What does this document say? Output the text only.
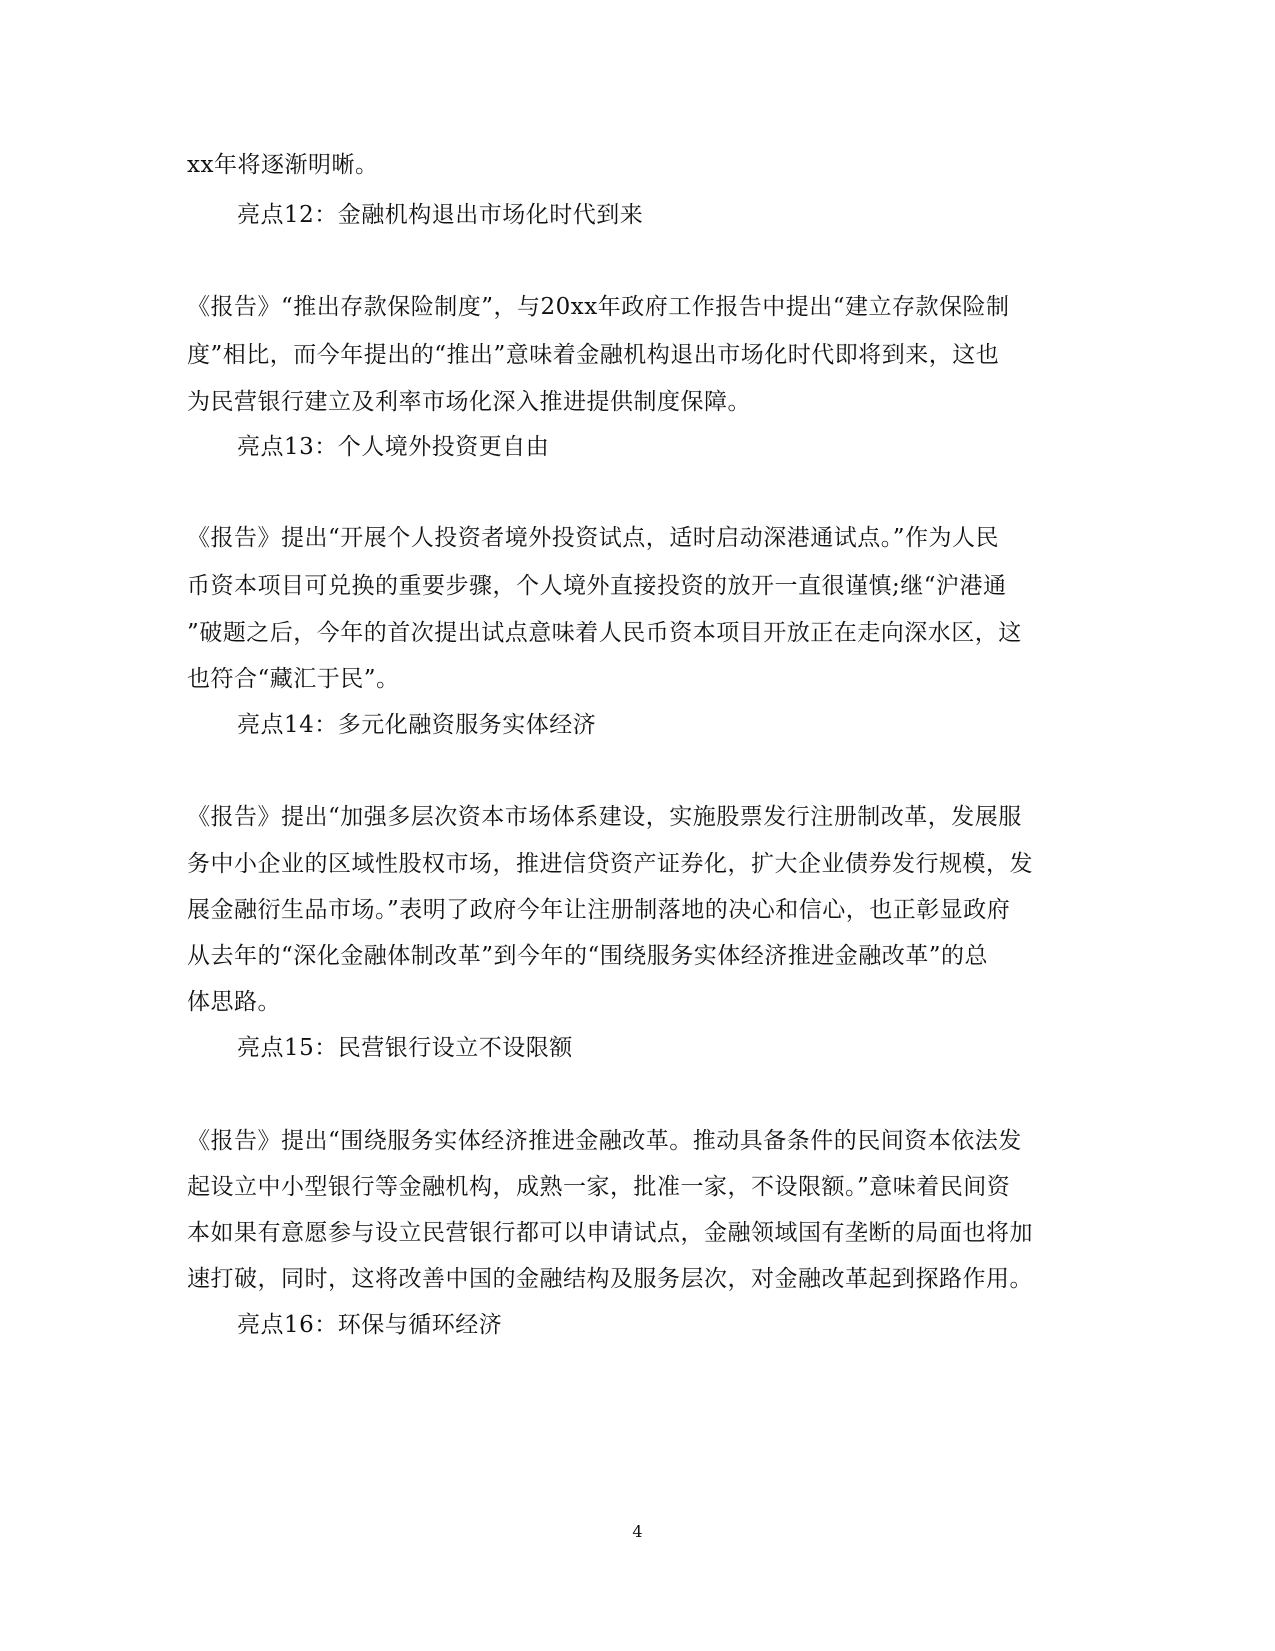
xx年将逐渐明晰。
亮点12：金融机构退出市场化时代到来
《报告》“推出存款保险制度”，与20xx年政府工作报告中提出“建立存款保险制
度”相比，而今年提出的“推出”意味着金融机构退出市场化时代即将到来，这也
为民营银行建立及利率市场化深入推进提供制度保障。
亮点13：个人境外投资更自由
《报告》提出“开展个人投资者境外投资试点，适时启动深港通试点。”作为人民
币资本项目可兑换的重要步骤，个人境外直接投资的放开一直很谨慎;继“沪港通
”破题之后，今年的首次提出试点意味着人民币资本项目开放正在走向深水区，这
也符合“藏汇于民”。
亮点14：多元化融资服务实体经济
《报告》提出“加强多层次资本市场体系建设，实施股票发行注册制改革，发展服
务中小企业的区域性股权市场，推进信贷资产证券化，扩大企业债券发行规模，发
展金融衍生品市场。”表明了政府今年让注册制落地的决心和信心，也正彰显政府
从去年的“深化金融体制改革”到今年的“围绕服务实体经济推进金融改革”的总
体思路。
亮点15：民营银行设立不设限额
《报告》提出“围绕服务实体经济推进金融改革。推动具备条件的民间资本依法发
起设立中小型银行等金融机构，成熟一家，批准一家，不设限额。”意味着民间资
本如果有意愿参与设立民营银行都可以申请试点，金融领域国有垄断的局面也将加
速打破，同时，这将改善中国的金融结构及服务层次，对金融改革起到探路作用。
亮点16：环保与循环经济
4
